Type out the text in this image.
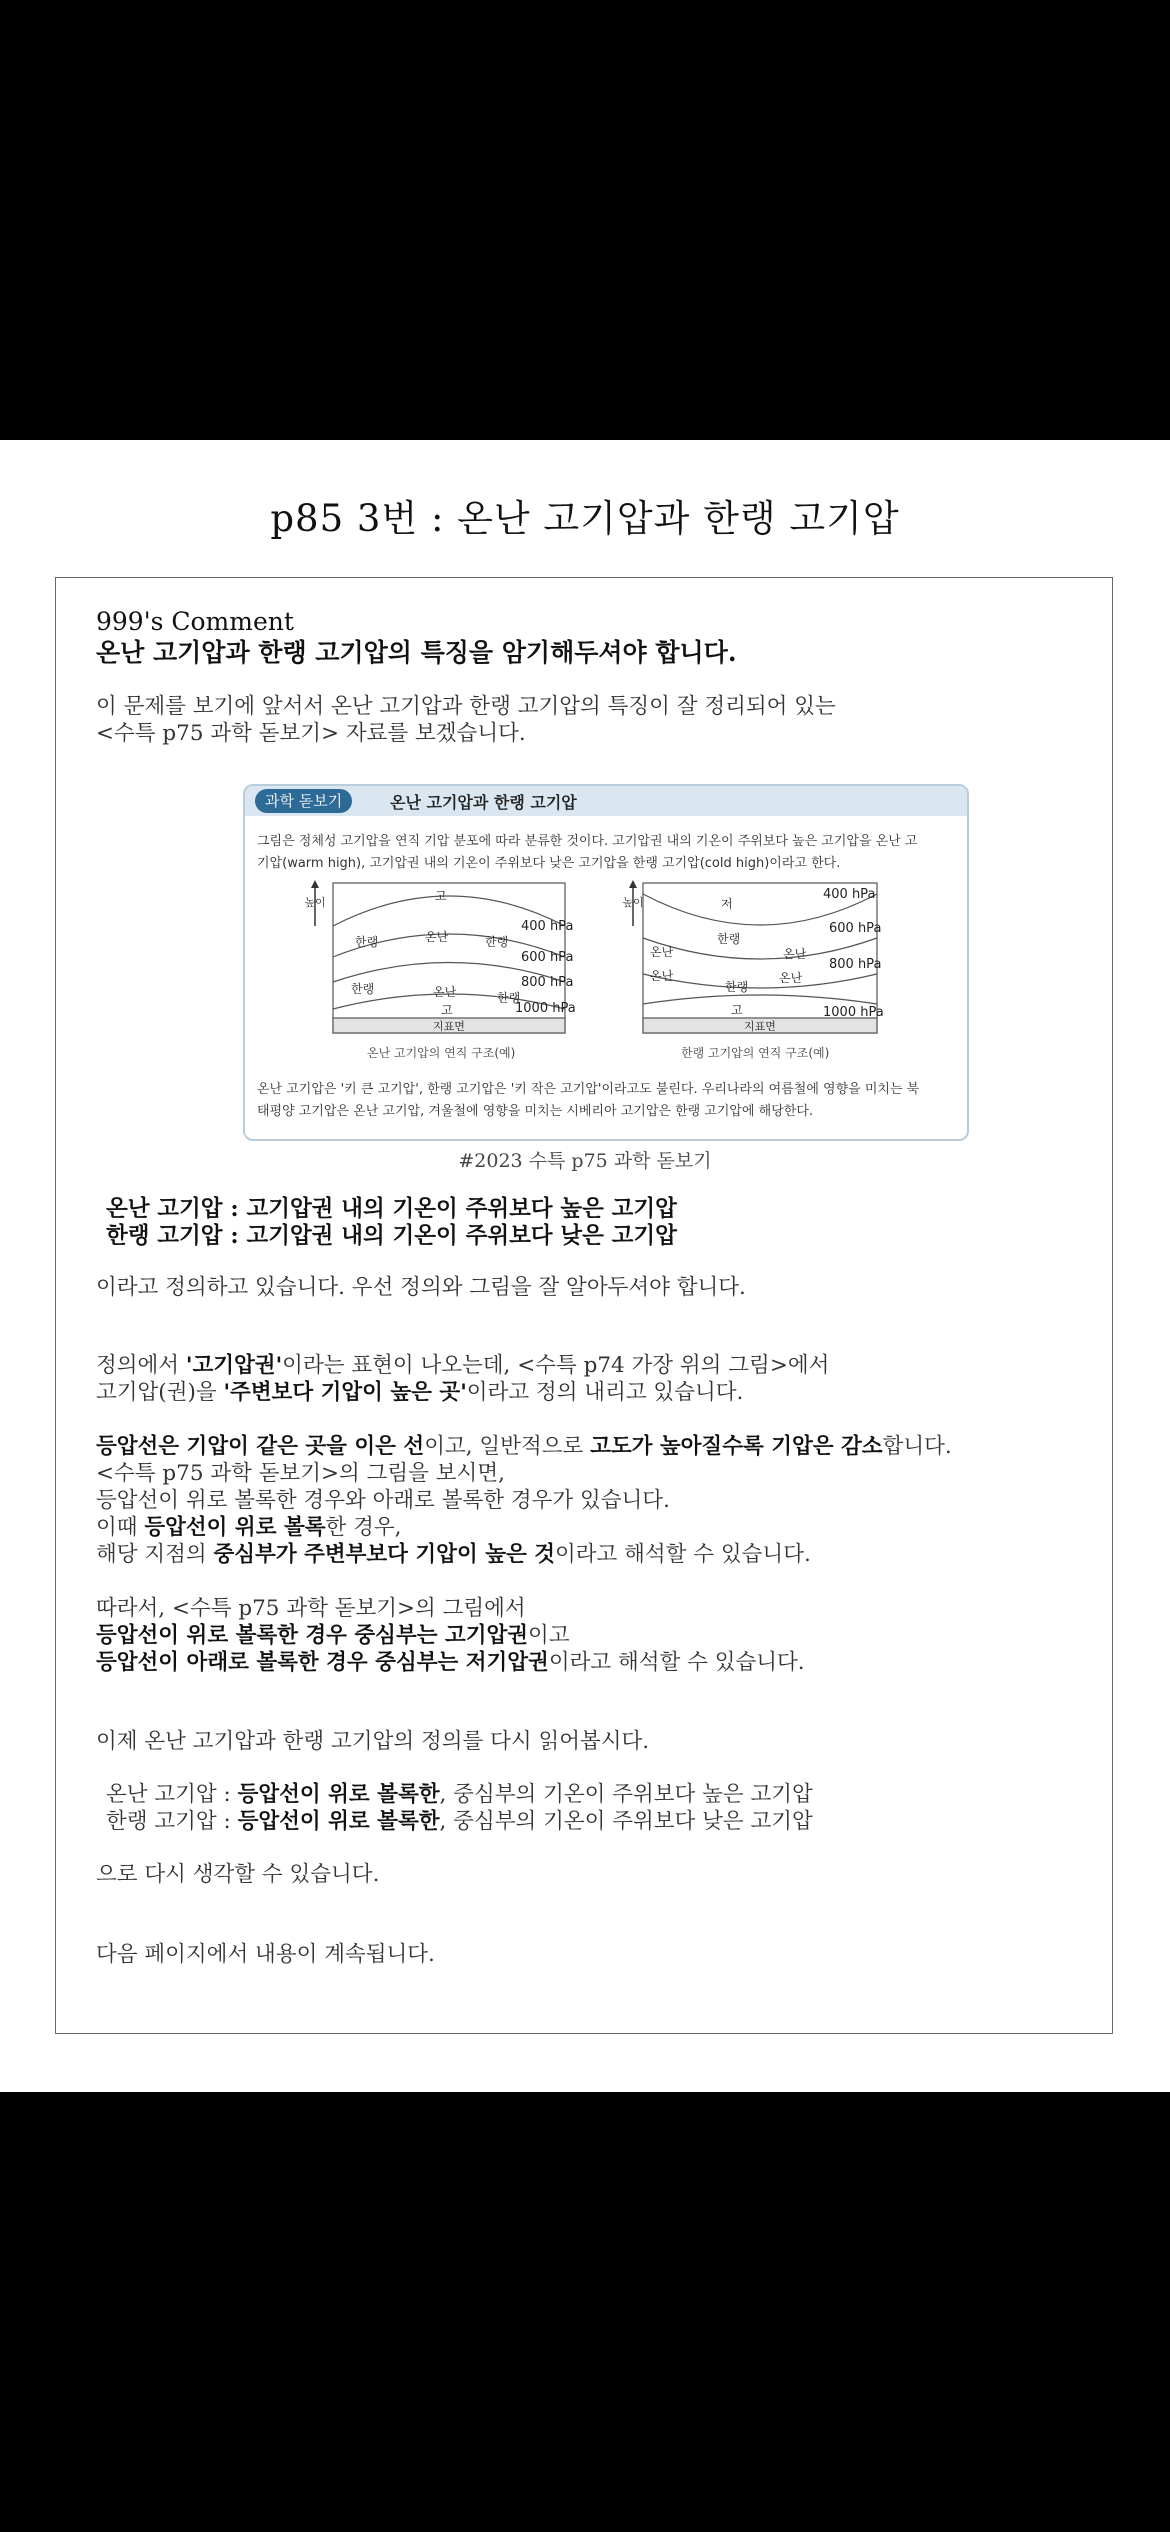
p85 3번 : 온난 고기압과 한랭 고기압
999's Comment
온난 고기압과 한랭 고기압의 특징을 암기해두셔야 합니다.
이 문제를 보기에 앞서서 온난 고기압과 한랭 고기압의 특징이 잘 정리되어 있는
<수특 p75 과학 돋보기> 자료를 보겠습니다.
과학 돋보기	온난 고기압과 한랭 고기압
그림은 정체성 고기압을 연직 기압 분포에 따라 분류한 것이다. 고기압권 내의 기온이 주위보다 높은 고기압을 온난 고
기압(warm high), 고기압권 내의 기온이 주위보다 낮은 고기압을 한랭 고기압(cold high)이라고 한다.
높이
지표면
고
온난
온난
고
한랭	한랭
한랭
한랭
400 hPa
600 hPa
800 hPa
1000 hPa
높이
지표면
저
한랭
한랭
고
온난	온난
온난	온난
400 hPa
600 hPa
800 hPa
1000 hPa
온난 고기압의 연직 구조(예)	한랭 고기압의 연직 구조(예)
온난 고기압은 '키 큰 고기압', 한랭 고기압은 '키 작은 고기압'이라고도 불린다. 우리나라의 여름철에 영향을 미치는 북
태평양 고기압은 온난 고기압, 겨울철에 영향을 미치는 시베리아 고기압은 한랭 고기압에 해당한다.
#2023 수특 p75 과학 돋보기
온난 고기압 : 고기압권 내의 기온이 주위보다 높은 고기압
한랭 고기압 : 고기압권 내의 기온이 주위보다 낮은 고기압
이라고 정의하고 있습니다. 우선 정의와 그림을 잘 알아두셔야 합니다.
정의에서 '고기압권'이라는 표현이 나오는데, <수특 p74 가장 위의 그림>에서
고기압(권)을 '주변보다 기압이 높은 곳'이라고 정의 내리고 있습니다.
등압선은 기압이 같은 곳을 이은 선이고, 일반적으로 고도가 높아질수록 기압은 감소합니다.
<수특 p75 과학 돋보기>의 그림을 보시면,
등압선이 위로 볼록한 경우와 아래로 볼록한 경우가 있습니다.
이때 등압선이 위로 볼록한 경우,
해당 지점의 중심부가 주변부보다 기압이 높은 것이라고 해석할 수 있습니다.
따라서, <수특 p75 과학 돋보기>의 그림에서
등압선이 위로 볼록한 경우 중심부는 고기압권이고
등압선이 아래로 볼록한 경우 중심부는 저기압권이라고 해석할 수 있습니다.
이제 온난 고기압과 한랭 고기압의 정의를 다시 읽어봅시다.
온난 고기압 : 등압선이 위로 볼록한, 중심부의 기온이 주위보다 높은 고기압
한랭 고기압 : 등압선이 위로 볼록한, 중심부의 기온이 주위보다 낮은 고기압
으로 다시 생각할 수 있습니다.
다음 페이지에서 내용이 계속됩니다.
